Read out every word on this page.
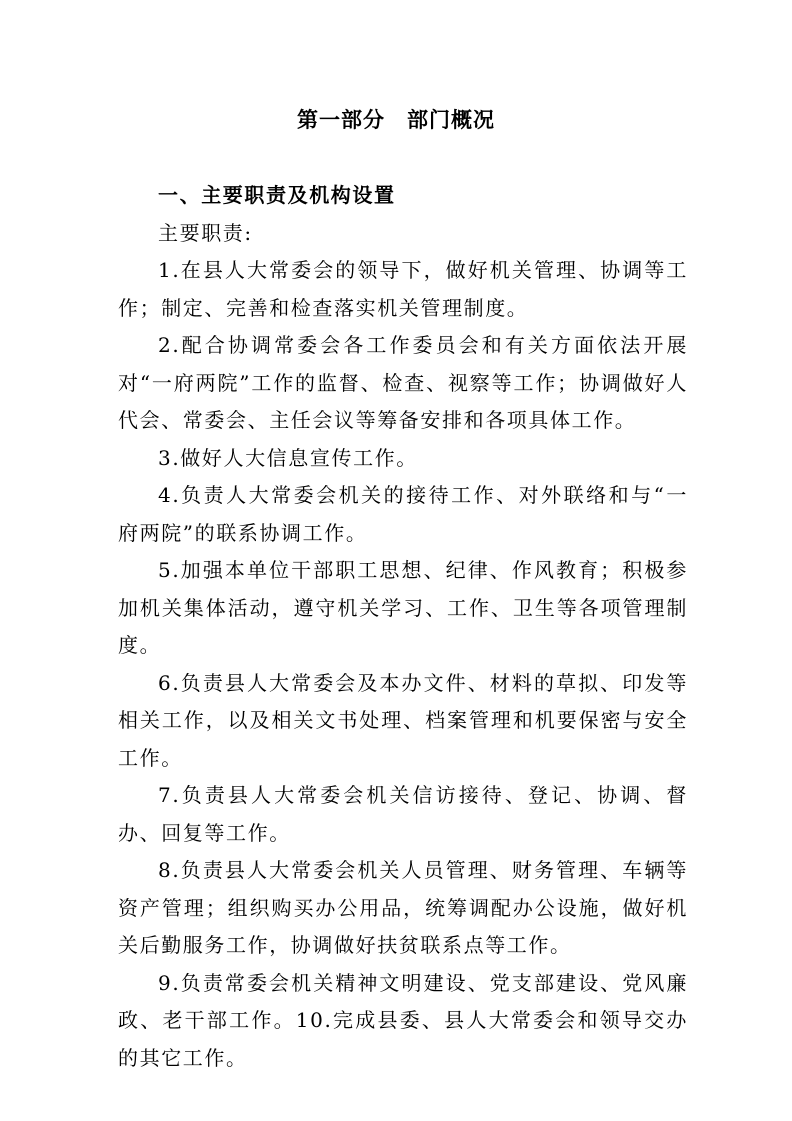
第一部分　部门概况

一、主要职责及机构设置

主要职责:

1.在县人大常委会的领导下，做好机关管理、协调等工作；制定、完善和检查落实机关管理制度。

2.配合协调常委会各工作委员会和有关方面依法开展对“一府两院”工作的监督、检查、视察等工作；协调做好人代会、常委会、主任会议等筹备安排和各项具体工作。

3.做好人大信息宣传工作。

4.负责人大常委会机关的接待工作、对外联络和与“一府两院”的联系协调工作。

5.加强本单位干部职工思想、纪律、作风教育；积极参加机关集体活动，遵守机关学习、工作、卫生等各项管理制度。

6.负责县人大常委会及本办文件、材料的草拟、印发等相关工作，以及相关文书处理、档案管理和机要保密与安全工作。

7.负责县人大常委会机关信访接待、登记、协调、督办、回复等工作。

8.负责县人大常委会机关人员管理、财务管理、车辆等资产管理；组织购买办公用品，统筹调配办公设施，做好机关后勤服务工作，协调做好扶贫联系点等工作。

9.负责常委会机关精神文明建设、党支部建设、党风廉政、老干部工作。10.完成县委、县人大常委会和领导交办的其它工作。
